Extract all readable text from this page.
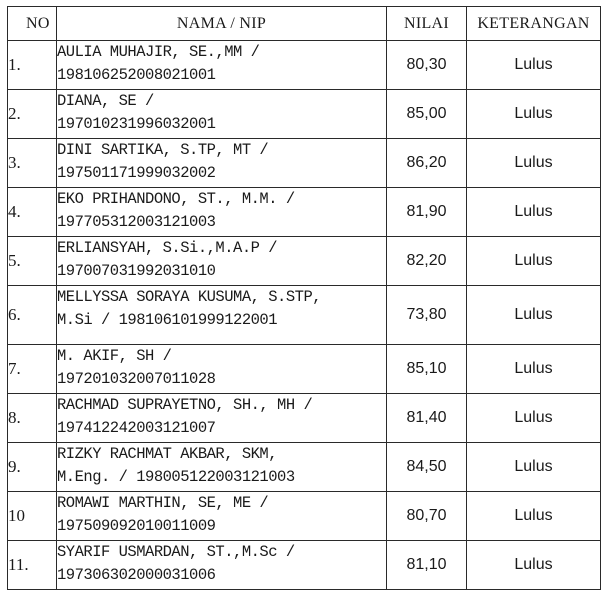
NO	NAMA / NIP	NILAI	KETERANGAN
1.	AULIA MUHAJIR, SE.,MM /
198106252008021001	80,30	Lulus
2.	DIANA, SE /
197010231996032001	85,00	Lulus
3.	DINI SARTIKA, S.TP, MT /
197501171999032002	86,20	Lulus
4.	EKO PRIHANDONO, ST., M.M. /
197705312003121003	81,90	Lulus
5.	ERLIANSYAH, S.Si.,M.A.P /
197007031992031010	82,20	Lulus
6.	MELLYSSA SORAYA KUSUMA, S.STP,
M.Si / 198106101999122001	73,80	Lulus
7.	M. AKIF, SH /
197201032007011028	85,10	Lulus
8.	RACHMAD SUPRAYETNO, SH., MH /
197412242003121007	81,40	Lulus
9.	RIZKY RACHMAT AKBAR, SKM,
M.Eng. / 198005122003121003	84,50	Lulus
10	ROMAWI MARTHIN, SE, ME /
197509092010011009	80,70	Lulus
11.	SYARIF USMARDAN, ST.,M.Sc /
197306302000031006	81,10	Lulus
